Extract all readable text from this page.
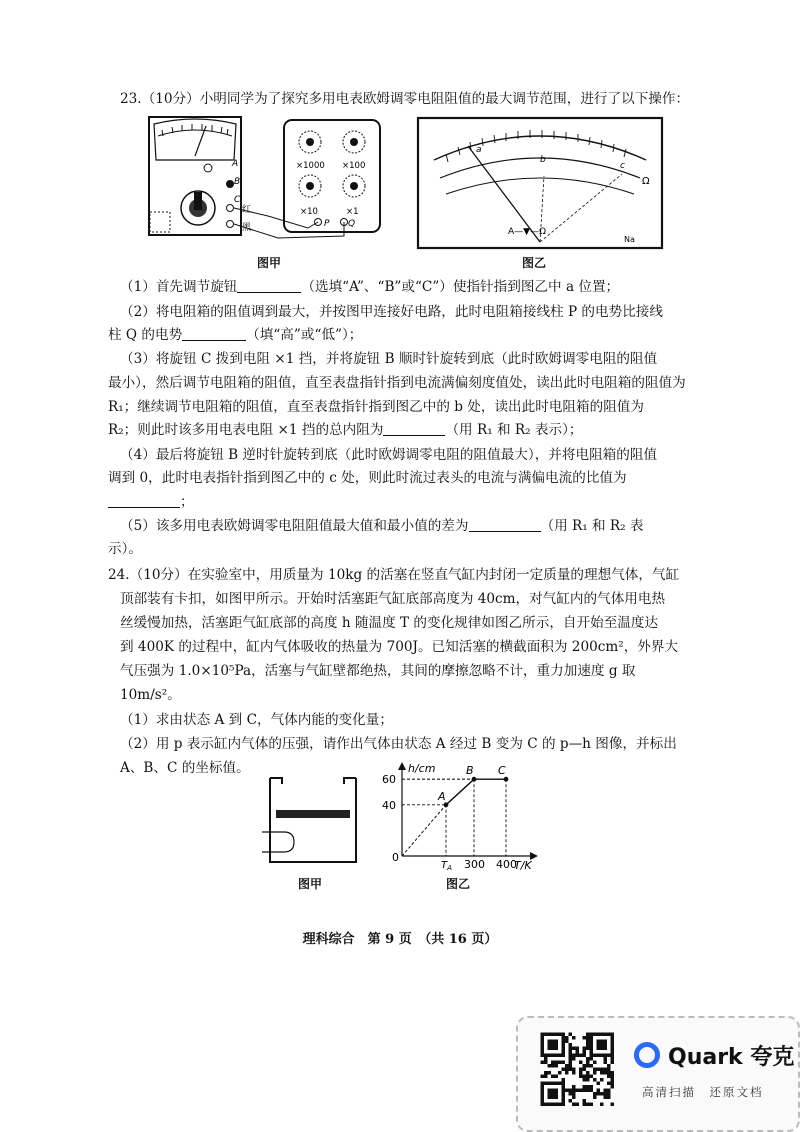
23.（10分）小明同学为了探究多用电表欧姆调零电阻阻值的最大调节范围，进行了以下操作：
A
B
C
红
黑
×1000 ×100
×10	×1
P Q
图甲
a
b
c
Ω
A—▼—Ω
Na
图乙
（1）首先调节旋钮	（选填“A”、“B”或“C”）使指针指到图乙中 a 位置；
（2）将电阻箱的阻值调到最大，并按图甲连接好电路，此时电阻箱接线柱 P 的电势比接线
柱 Q 的电势	（填“高”或“低”）；
（3）将旋钮 C 拨到电阻 ×1 挡，并将旋钮 B 顺时针旋转到底（此时欧姆调零电阻的阻值
最小），然后调节电阻箱的阻值，直至表盘指针指到电流满偏刻度值处，读出此时电阻箱的阻值为
R₁；继续调节电阻箱的阻值，直至表盘指针指到图乙中的 b 处，读出此时电阻箱的阻值为
R₂；则此时该多用电表电阻 ×1 挡的总内阻为	（用 R₁ 和 R₂ 表示）；
（4）最后将旋钮 B 逆时针旋转到底（此时欧姆调零电阻的阻值最大），并将电阻箱的阻值
调到 0，此时电表指针指到图乙中的 c 处，则此时流过表头的电流与满偏电流的比值为
；
（5）该多用电表欧姆调零电阻阻值最大值和最小值的差为	（用 R₁ 和 R₂ 表
示）。
24.（10分）在实验室中，用质量为 10kg 的活塞在竖直气缸内封闭一定质量的理想气体，气缸
顶部装有卡扣，如图甲所示。开始时活塞距气缸底部高度为 40cm，对气缸内的气体用电热
丝缓慢加热，活塞距气缸底部的高度 h 随温度 T 的变化规律如图乙所示，自开始至温度达
到 400K 的过程中，缸内气体吸收的热量为 700J。已知活塞的横截面积为 200cm²，外界大
气压强为 1.0×10⁵Pa，活塞与气缸壁都绝热，其间的摩擦忽略不计，重力加速度 g 取
10m/s²。
（1）求由状态 A 到 C，气体内能的变化量；
（2）用 p 表示缸内气体的压强，请作出气体由状态 A 经过 B 变为 C 的 p—h 图像，并标出
A、B、C 的坐标值。
图甲
h/cm
T/K
0
A
B C
40
60
$T_A$ 300 400
图乙
理科综合　第 9 页　（共 16 页）
Quark 夸克
高清扫描　还原文档
